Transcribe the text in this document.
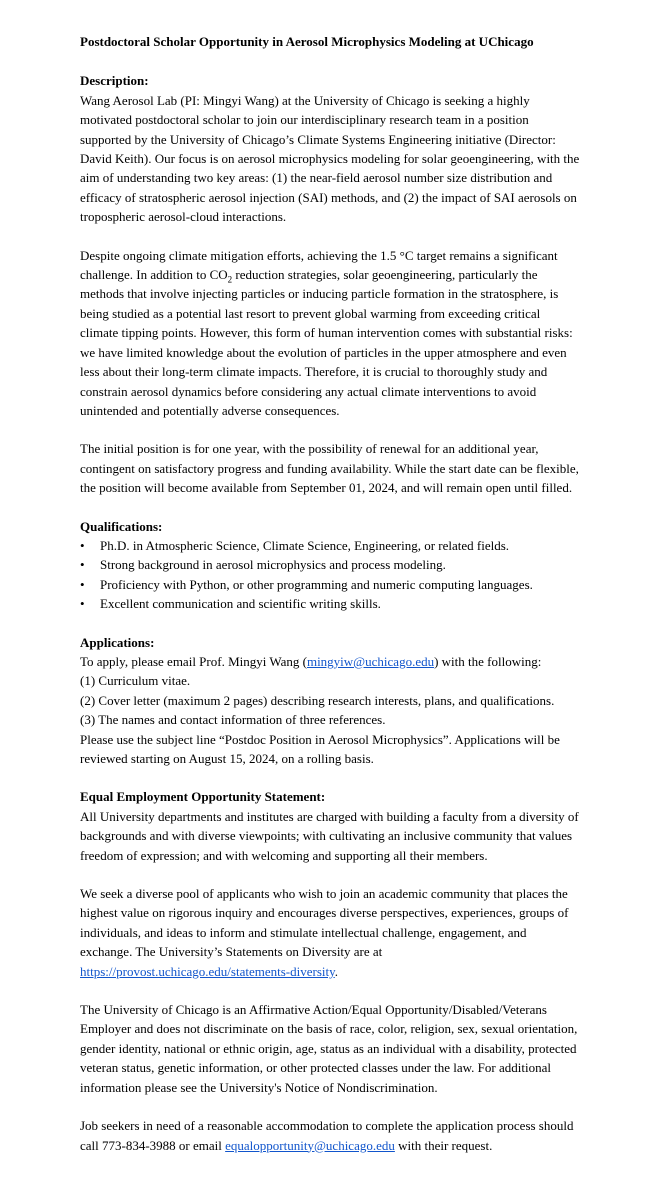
Postdoctoral Scholar Opportunity in Aerosol Microphysics Modeling at UChicago
Description:

Wang Aerosol Lab (PI: Mingyi Wang) at the University of Chicago is seeking a highly motivated postdoctoral scholar to join our interdisciplinary research team in a position supported by the University of Chicago’s Climate Systems Engineering initiative (Director: David Keith). Our focus is on aerosol microphysics modeling for solar geoengineering, with the aim of understanding two key areas: (1) the near-field aerosol number size distribution and efficacy of stratospheric aerosol injection (SAI) methods, and (2) the impact of SAI aerosols on tropospheric aerosol-cloud interactions.

Despite ongoing climate mitigation efforts, achieving the 1.5 °C target remains a significant challenge. In addition to $CO_2$ reduction strategies, solar geoengineering, particularly the methods that involve injecting particles or inducing particle formation in the stratosphere, is being studied as a potential last resort to prevent global warming from exceeding critical climate tipping points. However, this form of human intervention comes with substantial risks: we have limited knowledge about the evolution of particles in the upper atmosphere and even less about their long-term climate impacts. Therefore, it is crucial to thoroughly study and constrain aerosol dynamics before considering any actual climate interventions to avoid unintended and potentially adverse consequences.

The initial position is for one year, with the possibility of renewal for an additional year, contingent on satisfactory progress and funding availability. While the start date can be flexible, the position will become available from September 01, 2024, and will remain open until filled.

Qualifications:
• Ph.D. in Atmospheric Science, Climate Science, Engineering, or related fields.
• Strong background in aerosol microphysics and process modeling.
• Proficiency with Python, or other programming and numeric computing languages.
• Excellent communication and scientific writing skills.
Applications:
To apply, please email Prof. Mingyi Wang (mingyiw@uchicago.edu) with the following:
(1) Curriculum vitae.
(2) Cover letter (maximum 2 pages) describing research interests, plans, and qualifications.
(3) The names and contact information of three references.
Please use the subject line “Postdoc Position in Aerosol Microphysics”. Applications will be reviewed starting on August 15, 2024, on a rolling basis.
Equal Employment Opportunity Statement:

All University departments and institutes are charged with building a faculty from a diversity of backgrounds and with diverse viewpoints; with cultivating an inclusive community that values freedom of expression; and with welcoming and supporting all their members.

We seek a diverse pool of applicants who wish to join an academic community that places the highest value on rigorous inquiry and encourages diverse perspectives, experiences, groups of individuals, and ideas to inform and stimulate intellectual challenge, engagement, and exchange. The University’s Statements on Diversity are at https://provost.uchicago.edu/statements-diversity.

The University of Chicago is an Affirmative Action/Equal Opportunity/Disabled/Veterans Employer and does not discriminate on the basis of race, color, religion, sex, sexual orientation, gender identity, national or ethnic origin, age, status as an individual with a disability, protected veteran status, genetic information, or other protected classes under the law. For additional information please see the University's Notice of Nondiscrimination.

Job seekers in need of a reasonable accommodation to complete the application process should call 773-834-3988 or email equalopportunity@uchicago.edu with their request.
